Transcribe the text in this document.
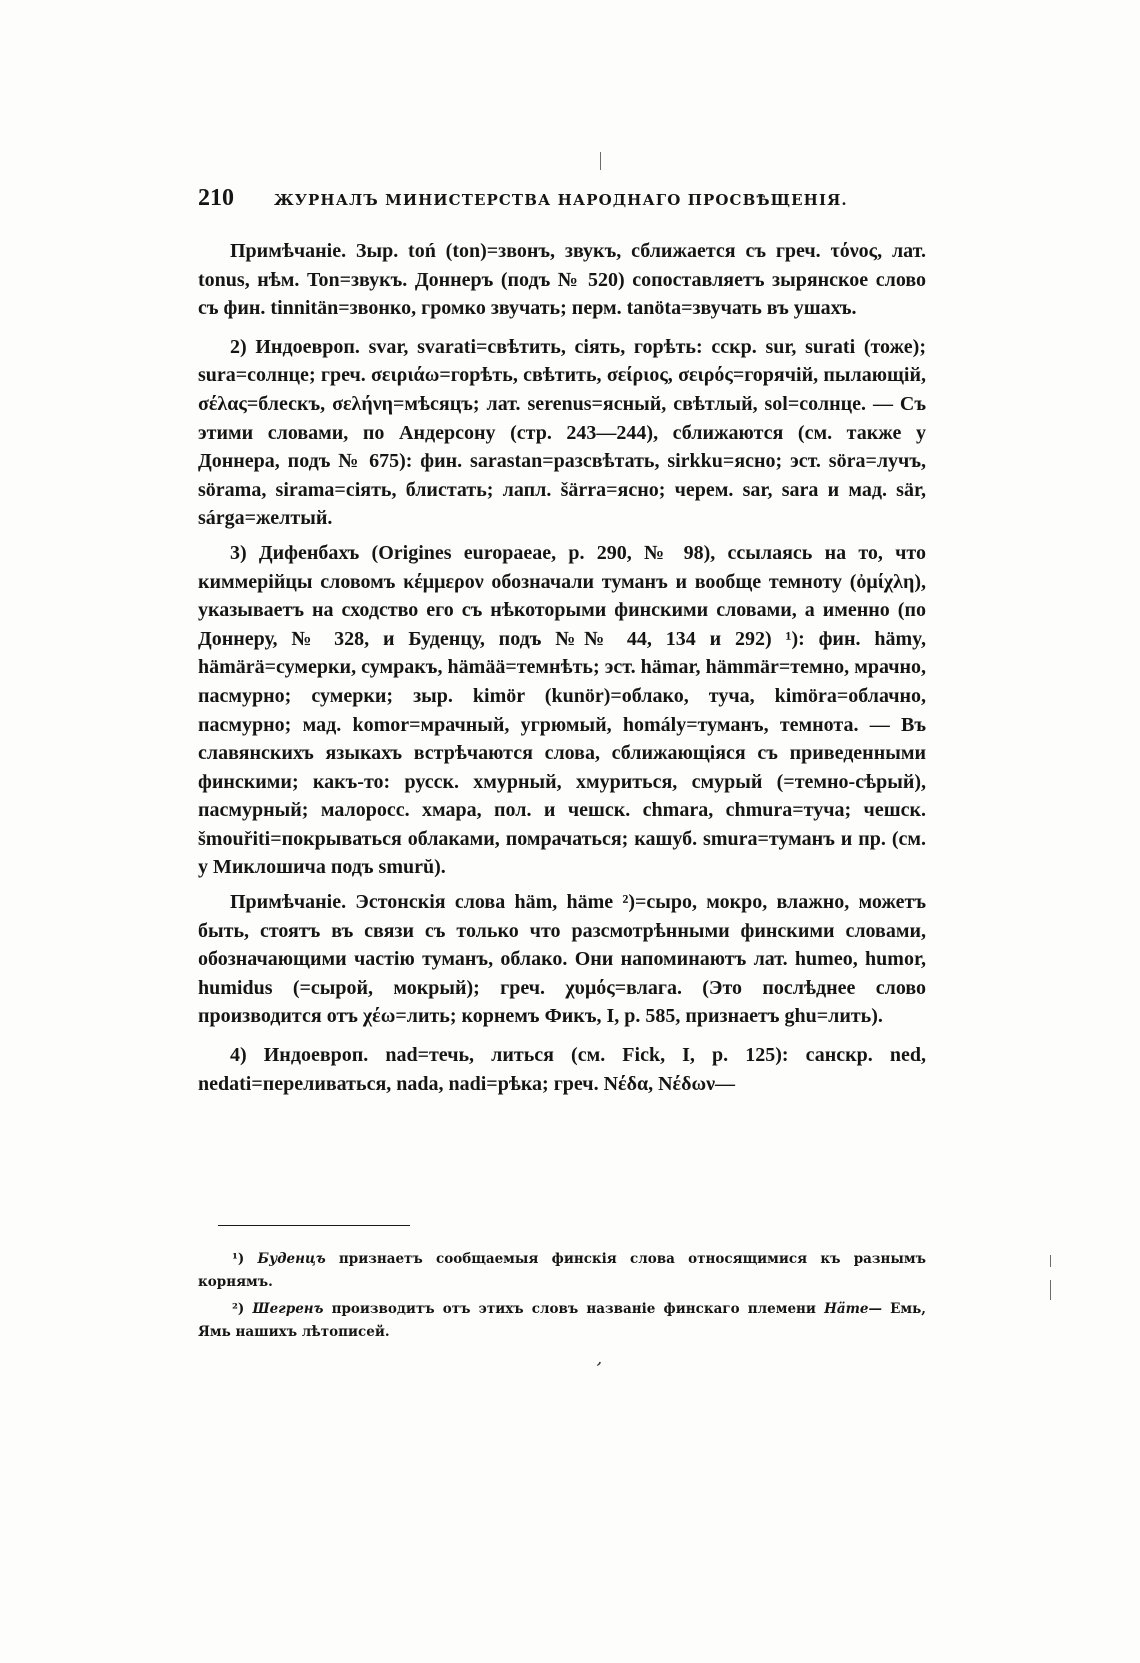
210	ЖУРНАЛЪ МИНИСТЕРСТВА НАРОДНАГО ПРОСВѢЩЕНІЯ.

Примѣчаніе. Зыр. toń (ton)=звонъ, звукъ, сближается съ греч. τόνος, лат. tonus, нѣм. Ton=звукъ. Доннеръ (подъ № 520) сопоставляетъ зырянское слово съ фин. tinnitän=звонко, громко звучать; перм. tanöta=звучать въ ушахъ.

2) Индоевроп. svar, svarati=свѣтить, сіять, горѣть: сскр. sur, surati (тоже); sura=солнце; греч. σειριάω=горѣть, свѣтить, σείριος, σειρός=горячій, пылающій, σέλας=блескъ, σελήνη=мѣсяцъ; лат. serenus=ясный, свѣтлый, sol=солнце. — Съ этими словами, по Андерсону (стр. 243—244), сближаются (см. также у Доннера, подъ № 675): фин. sarastan=разсвѣтать, sirkku=ясно; эст. söra=лучъ, sörama, sirama=сіять, блистать; лапл. šärra=ясно; черем. sar, sara и мад. sär, sárga=желтый.

3) Дифенбахъ (Origines europaeae, p. 290, № 98), ссылаясь на то, что киммерійцы словомъ κέμμερον обозначали туманъ и вообще темноту (ὀμίχλη), указываетъ на сходство его съ нѣкоторыми финскими словами, а именно (по Доннеру, № 328, и Буденцу, подъ №№ 44, 134 и 292) ¹): фин. hämy, hämärä=сумерки, сумракъ, hämää=темнѣть; эст. hämar, hämmär=темно, мрачно, пасмурно; сумерки; зыр. kimör (kunör)=облако, туча, kimöra=облачно, пасмурно; мад. komor=мрачный, угрюмый, homály=туманъ, темнота. — Въ славянскихъ языкахъ встрѣчаются слова, сближающіяся съ приведенными финскими; какъ-то: русск. хмурный, хмуриться, смурый (=темно-сѣрый), пасмурный; малоросс. хмара, пол. и чешск. chmara, chmura=туча; чешск. šmouřiti=покрываться облаками, помрачаться; кашуб. smura=туманъ и пр. (см. у Миклошича подъ smurŭ).

Примѣчаніе. Эстонскія слова häm, häme ²)=сыро, мокро, влажно, можетъ быть, стоятъ въ связи съ только что разсмотрѣнными финскими словами, обозначающими частію туманъ, облако. Они напоминаютъ лат. humeo, humor, humidus (=сырой, мокрый); греч. χυμός=влага. (Это послѣднее слово производится отъ χέω=лить; корнемъ Фикъ, I, p. 585, признаетъ ghu=лить).

4) Индоевроп. nad=течь, литься (см. Fick, I, p. 125): санскр. ned, nedati=переливаться, nada, nadi=рѣка; греч. Νέδα, Νέδων—

¹) Буденцъ признаетъ сообщаемыя финскія слова относящимися къ разнымъ корнямъ.

²) Шегренъ производитъ отъ этихъ словъ названіе финскаго племени Häme— Емь, Ямь нашихъ лѣтописей.

,
